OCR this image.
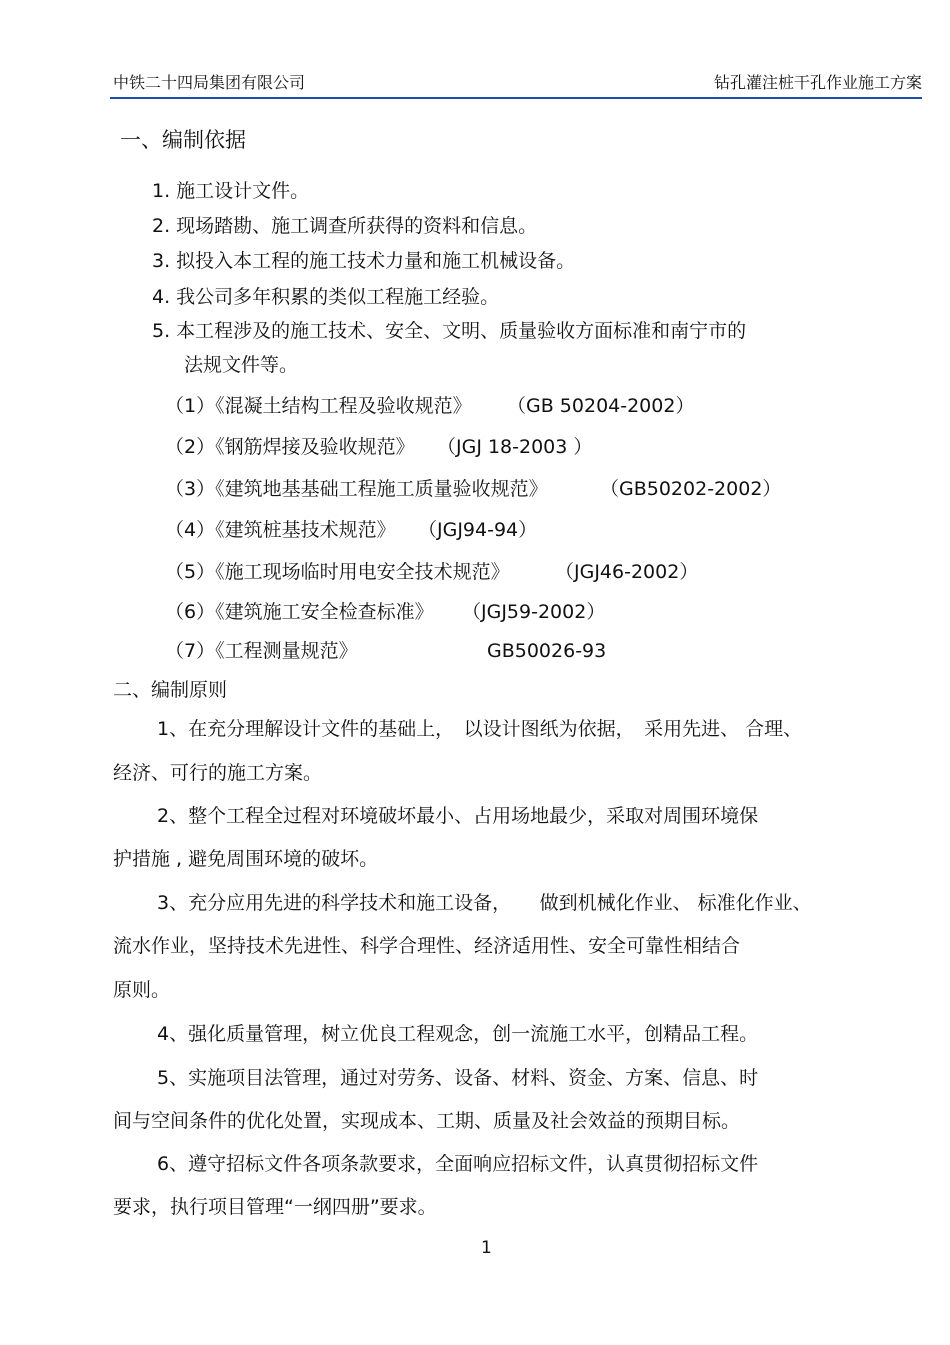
中铁二十四局集团有限公司	钻孔灌注桩干孔作业施工方案
一、编制依据
1. 施工设计文件。
2. 现场踏勘、施工调查所获得的资料和信息。
3. 拟投入本工程的施工技术力量和施工机械设备。
4. 我公司多年积累的类似工程施工经验。
5. 本工程涉及的施工技术、安全、文明、质量验收方面标准和南宁市的
法规文件等。
（1）《混凝土结构工程及验收规范》 （GB 50204-2002）
（2）《钢筋焊接及验收规范》 （JGJ 18-2003 ）
（3）《建筑地基基础工程施工质量验收规范》	（GB50202-2002）
（4）《建筑桩基技术规范》 （JGJ94-94）
（5）《施工现场临时用电安全技术规范》 （JGJ46-2002）
（6）《建筑施工安全检查标准》 （JGJ59-2002）
（7）《工程测量规范》	GB50026-93
二、编制原则
1、在充分理解设计文件的基础上，　以设计图纸为依据，　采用先进、 合理、
经济、可行的施工方案。
2、整个工程全过程对环境破坏最小、占用场地最少，采取对周围环境保
护措施 , 避免周围环境的破坏。
3、充分应用先进的科学技术和施工设备，　　做到机械化作业、 标准化作业、
流水作业，坚持技术先进性、科学合理性、经济适用性、安全可靠性相结合
原则。
4、强化质量管理，树立优良工程观念，创一流施工水平，创精品工程。
5、实施项目法管理，通过对劳务、设备、材料、资金、方案、信息、时
间与空间条件的优化处置，实现成本、工期、质量及社会效益的预期目标。
6、遵守招标文件各项条款要求，全面响应招标文件，认真贯彻招标文件
要求，执行项目管理“一纲四册”要求。
1
